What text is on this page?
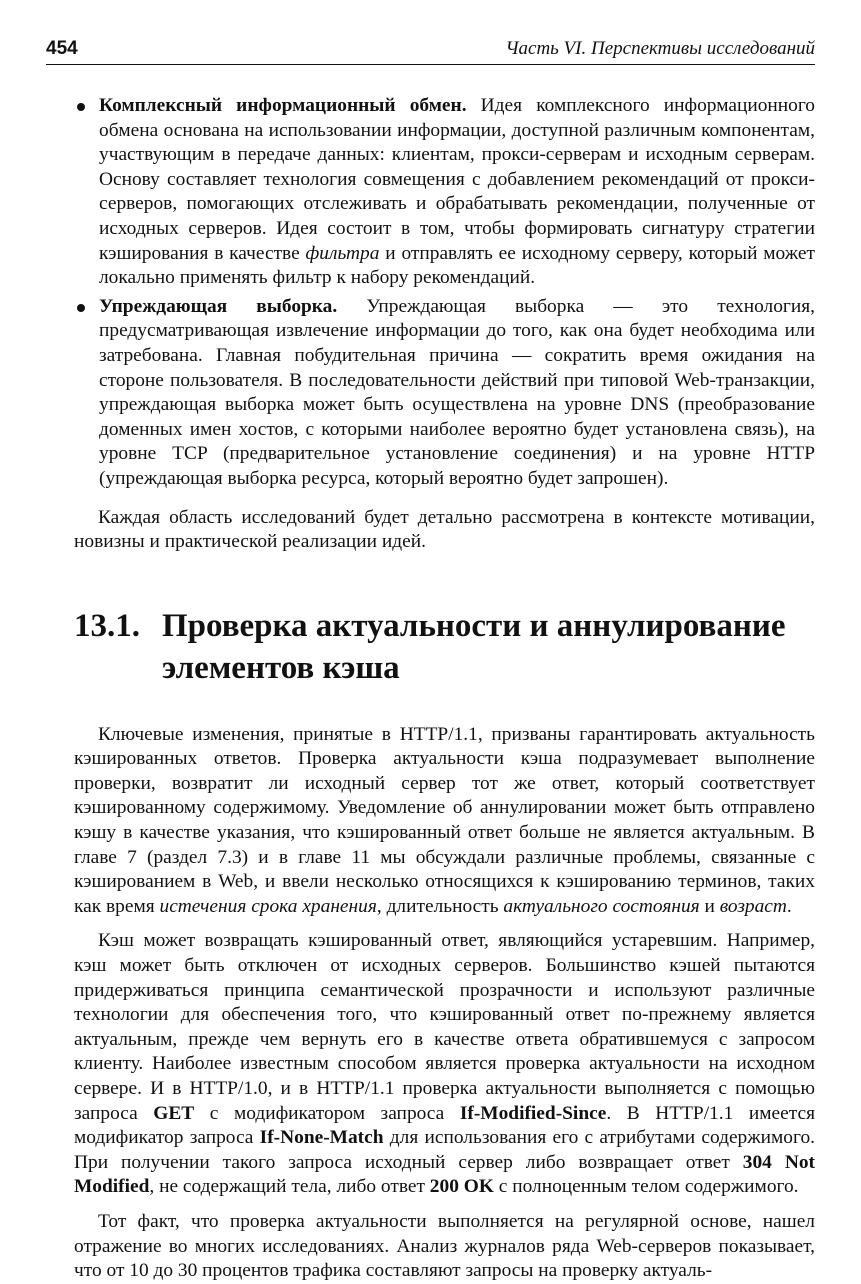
454	Часть VI. Перспективы исследований
Комплексный информационный обмен. Идея комплексного информационного обмена основана на использовании информации, доступной различным компонентам, участвующим в передаче данных: клиентам, прокси-серверам и исходным серверам. Основу составляет технология совмещения с добавлением рекомендаций от прокси-серверов, помогающих отслеживать и обрабатывать рекомендации, полученные от исходных серверов. Идея состоит в том, чтобы формировать сигнатуру стратегии кэширования в качестве фильтра и отправлять ее исходному серверу, который может локально применять фильтр к набору рекомендаций.
Упреждающая выборка. Упреждающая выборка — это технология, предусматривающая извлечение информации до того, как она будет необходима или затребована. Главная побудительная причина — сократить время ожидания на стороне пользователя. В последовательности действий при типовой Web-транзакции, упреждающая выборка может быть осуществлена на уровне DNS (преобразование доменных имен хостов, с которыми наиболее вероятно будет установлена связь), на уровне TCP (предварительное установление соединения) и на уровне HTTP (упреждающая выборка ресурса, который вероятно будет запрошен).

Каждая область исследований будет детально рассмотрена в контексте мотивации, новизны и практической реализации идей.

13.1. Проверка актуальности и аннулирование
элементов кэша

Ключевые изменения, принятые в HTTP/1.1, призваны гарантировать актуальность кэшированных ответов. Проверка актуальности кэша подразумевает выполнение проверки, возвратит ли исходный сервер тот же ответ, который соответствует кэшированному содержимому. Уведомление об аннулировании может быть отправлено кэшу в качестве указания, что кэшированный ответ больше не является актуальным. В главе 7 (раздел 7.3) и в главе 11 мы обсуждали различные проблемы, связанные с кэшированием в Web, и ввели несколько относящихся к кэшированию терминов, таких как время истечения срока хранения, длительность актуального состояния и возраст.

Кэш может возвращать кэшированный ответ, являющийся устаревшим. Например, кэш может быть отключен от исходных серверов. Большинство кэшей пытаются придерживаться принципа семантической прозрачности и используют различные технологии для обеспечения того, что кэшированный ответ по-прежнему является актуальным, прежде чем вернуть его в качестве ответа обратившемуся с запросом клиенту. Наиболее известным способом является проверка актуальности на исходном сервере. И в HTTP/1.0, и в HTTP/1.1 проверка актуальности выполняется с помощью запроса GET с модификатором запроса If-Modified-Since. В HTTP/1.1 имеется модификатор запроса If-None-Match для использования его с атрибутами содержимого. При получении такого запроса исходный сервер либо возвращает ответ 304 Not Modified, не содержащий тела, либо ответ 200 OK с полноценным телом содержимого.

Тот факт, что проверка актуальности выполняется на регулярной основе, нашел отражение во многих исследованиях. Анализ журналов ряда Web-серверов показывает, что от 10 до 30 процентов трафика составляют запросы на проверку актуаль-
